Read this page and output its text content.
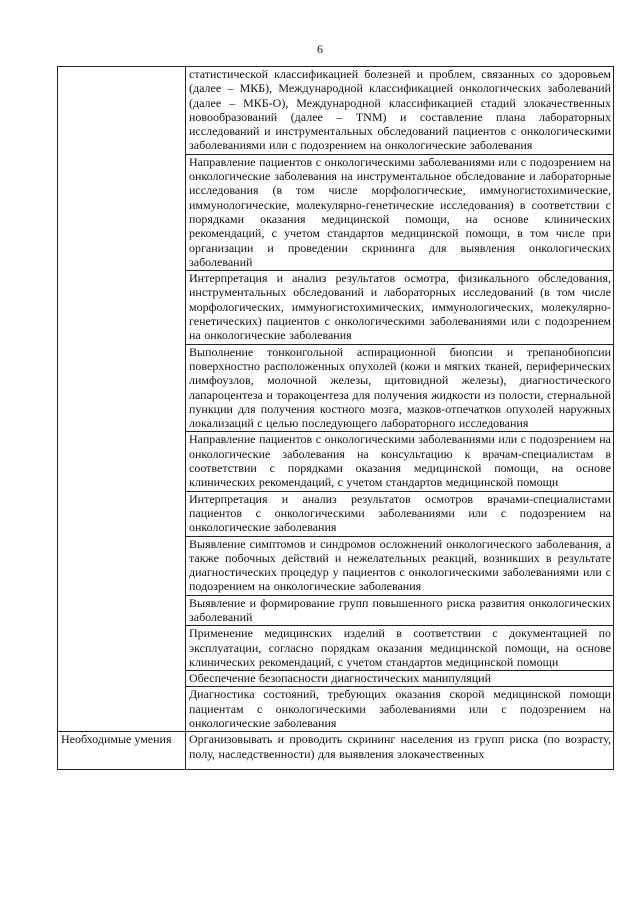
6
	статистической классификацией болезней и проблем, связанных со здоровьем (далее – МКБ), Международной классификацией онкологических заболеваний (далее – МКБ-О), Международной классификацией стадий злокачественных новообразований (далее – TNM) и составление плана лабораторных исследований и инструментальных обследований пациентов с онкологическими заболеваниями или с подозрением на онкологические заболевания
	Направление пациентов с онкологическими заболеваниями или с подозрением на онкологические заболевания на инструментальное обследование и лабораторные исследования (в том числе морфологические, иммуногистохимические, иммунологические, молекулярно-генетические исследования) в соответствии с порядками оказания медицинской помощи, на основе клинических рекомендаций, с учетом стандартов медицинской помощи, в том числе при организации и проведении скрининга для выявления онкологических заболеваний
	Интерпретация и анализ результатов осмотра, физикального обследования, инструментальных обследований и лабораторных исследований (в том числе морфологических, иммуногистохимических, иммунологических, молекулярно-генетических) пациентов с онкологическими заболеваниями или с подозрением на онкологические заболевания
	Выполнение тонкоигольной аспирационной биопсии и трепанобиопсии поверхностно расположенных опухолей (кожи и мягких тканей, периферических лимфоузлов, молочной железы, щитовидной железы), диагностического лапароцентеза и торакоцентеза для получения жидкости из полости, стернальной пункции для получения костного мозга, мазков-отпечатков опухолей наружных локализаций с целью последующего лабораторного исследования
	Направление пациентов с онкологическими заболеваниями или с подозрением на онкологические заболевания на консультацию к врачам-специалистам в соответствии с порядками оказания медицинской помощи, на основе клинических рекомендаций, с учетом стандартов медицинской помощи
	Интерпретация и анализ результатов осмотров врачами-специалистами пациентов с онкологическими заболеваниями или с подозрением на онкологические заболевания
	Выявление симптомов и синдромов осложнений онкологического заболевания, а также побочных действий и нежелательных реакций, возникших в результате диагностических процедур у пациентов с онкологическими заболеваниями или с подозрением на онкологические заболевания
	Выявление и формирование групп повышенного риска развития онкологических заболеваний
	Применение медицинских изделий в соответствии с документацией по эксплуатации, согласно порядкам оказания медицинской помощи, на основе клинических рекомендаций, с учетом стандартов медицинской помощи
	Обеспечение безопасности диагностических манипуляций
	Диагностика состояний, требующих оказания скорой медицинской помощи пациентам с онкологическими заболеваниями или с подозрением на онкологические заболевания
Необходимые умения	Организовывать и проводить скрининг населения из групп риска (по возрасту, полу, наследственности) для выявления злокачественных
